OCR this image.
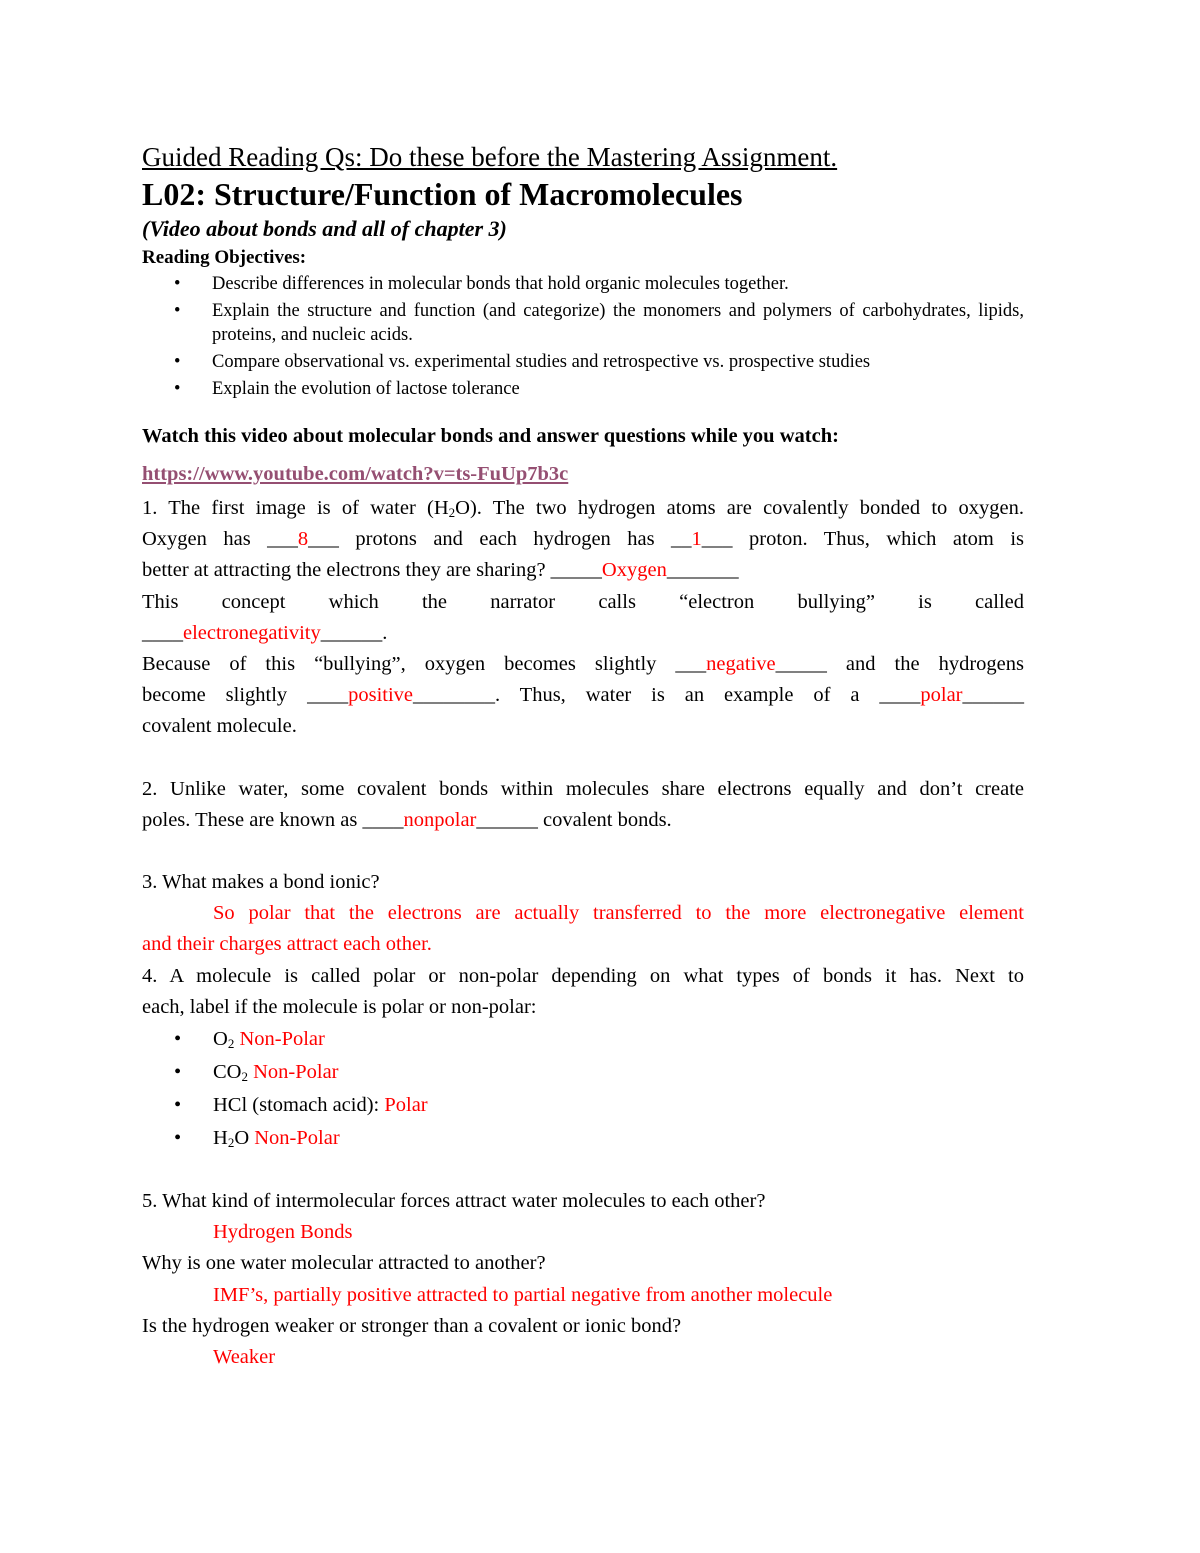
Guided Reading Qs: Do these before the Mastering Assignment.

L02: Structure/Function of Macromolecules

(Video about bonds and all of chapter 3)

Reading Objectives:

• Describe differences in molecular bonds that hold organic molecules together.
• Explain the structure and function (and categorize) the monomers and polymers of carbohydrates, lipids, proteins, and nucleic acids.
• Compare observational vs. experimental studies and retrospective vs. prospective studies
• Explain the evolution of lactose tolerance

Watch this video about molecular bonds and answer questions while you watch:

https://www.youtube.com/watch?v=ts-FuUp7b3c

1. The first image is of water $(H_2O)$. The two hydrogen atoms are covalently bonded to oxygen.

Oxygen has ___8___ protons and each hydrogen has __1___ proton. Thus, which atom is

better at attracting the electrons they are sharing? _____Oxygen_______

This concept which the narrator calls “electron bullying” is called

____electronegativity______.

Because of this “bullying”, oxygen becomes slightly ___negative_____ and the hydrogens

become slightly ____positive________. Thus, water is an example of a ____polar______

covalent molecule.

2. Unlike water, some covalent bonds within molecules share electrons equally and don’t create

poles. These are known as ____nonpolar______ covalent bonds.

3. What makes a bond ionic?

So polar that the electrons are actually transferred to the more electronegative element

and their charges attract each other.

4. A molecule is called polar or non-polar depending on what types of bonds it has. Next to

each, label if the molecule is polar or non-polar:

• $O_2$ Non-Polar
• $CO_2$ Non-Polar
• HCl (stomach acid): Polar
• $H_2O$ Non-Polar

5. What kind of intermolecular forces attract water molecules to each other?

Hydrogen Bonds

Why is one water molecular attracted to another?

IMF’s, partially positive attracted to partial negative from another molecule

Is the hydrogen weaker or stronger than a covalent or ionic bond?

Weaker
